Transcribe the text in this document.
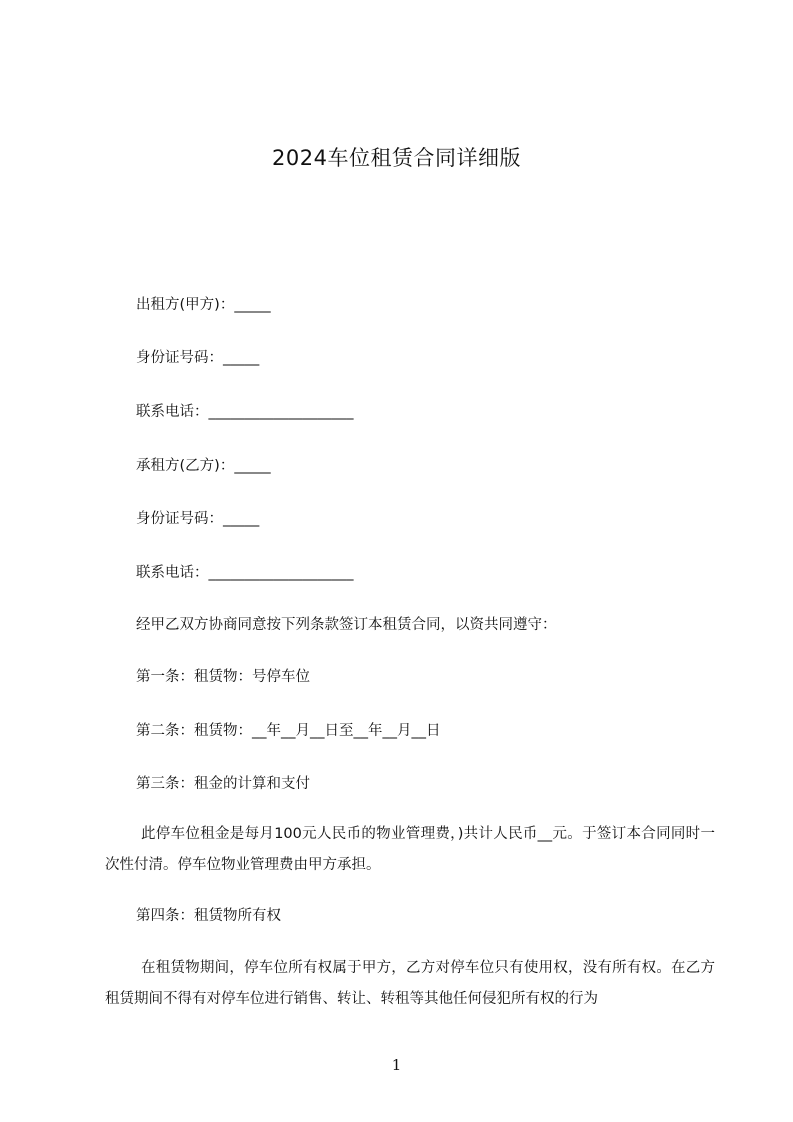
2024车位租赁合同详细版
出租方(甲方)：_____
身份证号码：_____
联系电话：____________________
承租方(乙方)：_____
身份证号码：_____
联系电话：____________________
经甲乙双方协商同意按下列条款签订本租赁合同，以资共同遵守：
第一条：租赁物：号停车位
第二条：租赁物：__年__月__日至__年__月__日
第三条：租金的计算和支付
此停车位租金是每月100元人民币的物业管理费，)共计人民币__元。于签订本合同同时一次性付清。停车位物业管理费由甲方承担。
第四条：租赁物所有权
在租赁物期间，停车位所有权属于甲方，乙方对停车位只有使用权，没有所有权。在乙方租赁期间不得有对停车位进行销售、转让、转租等其他任何侵犯所有权的行为
1
